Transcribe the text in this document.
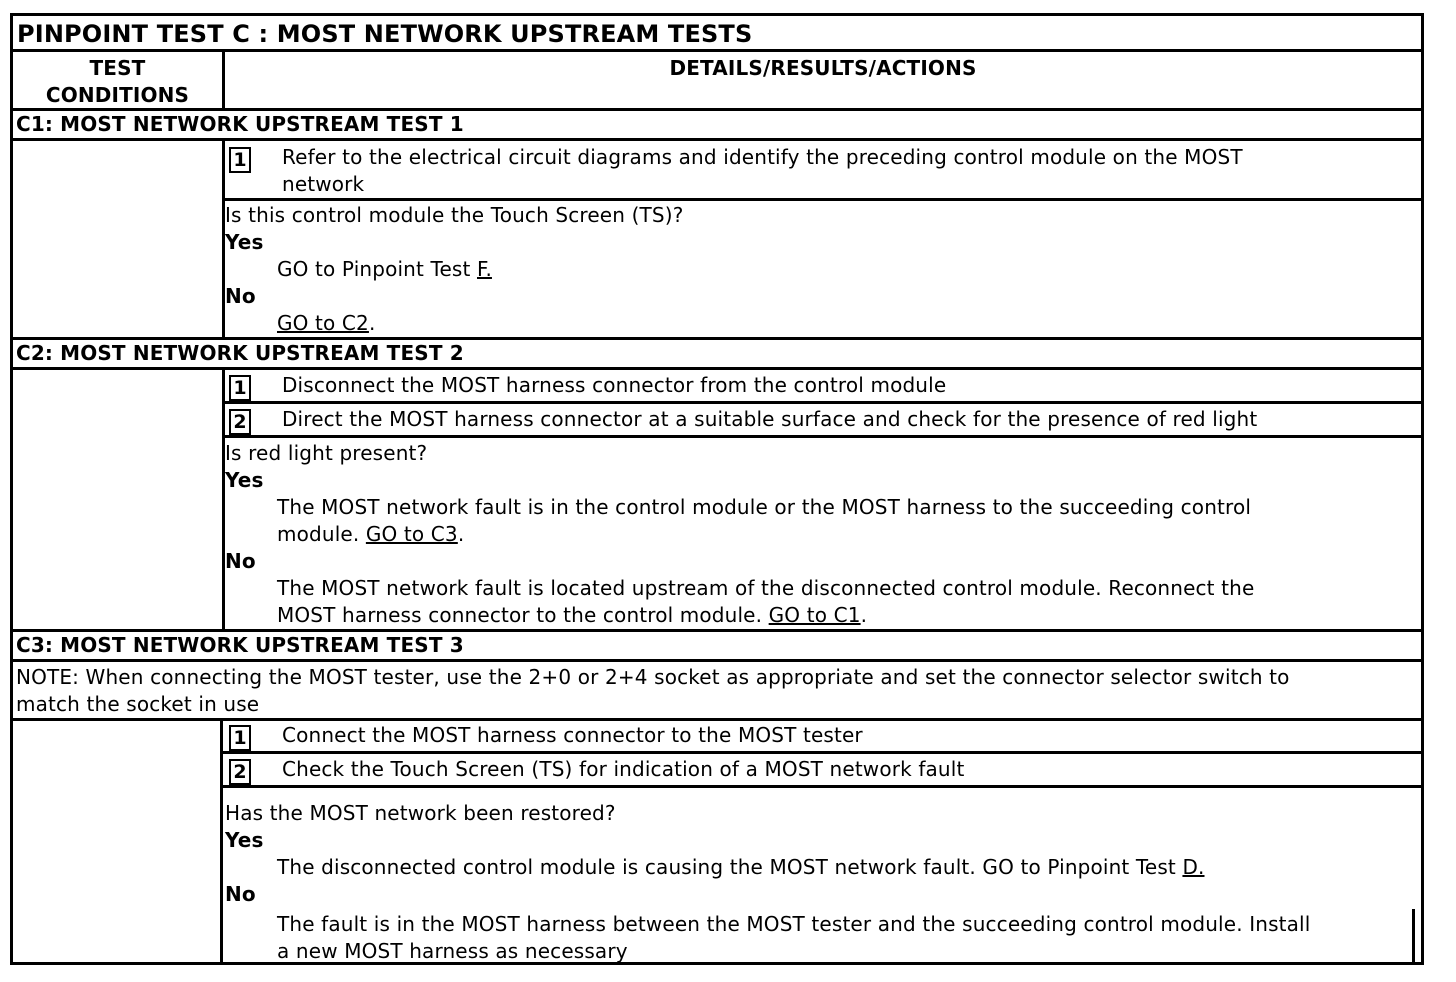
PINPOINT TEST C : MOST NETWORK UPSTREAM TESTS
TEST
CONDITIONS
DETAILS/RESULTS/ACTIONS
C1: MOST NETWORK UPSTREAM TEST 1
1 Refer to the electrical circuit diagrams and identify the preceding control module on the MOST
network
Is this control module the Touch Screen (TS)?
Yes
GO to Pinpoint Test F.
No
GO to C2.
C2: MOST NETWORK UPSTREAM TEST 2
1 Disconnect the MOST harness connector from the control module
2 Direct the MOST harness connector at a suitable surface and check for the presence of red light
Is red light present?
Yes
The MOST network fault is in the control module or the MOST harness to the succeeding control
module. GO to C3.
No
The MOST network fault is located upstream of the disconnected control module. Reconnect the
MOST harness connector to the control module. GO to C1.
C3: MOST NETWORK UPSTREAM TEST 3
NOTE: When connecting the MOST tester, use the 2+0 or 2+4 socket as appropriate and set the connector selector switch to
match the socket in use
1 Connect the MOST harness connector to the MOST tester
2 Check the Touch Screen (TS) for indication of a MOST network fault
Has the MOST network been restored?
Yes
The disconnected control module is causing the MOST network fault. GO to Pinpoint Test D.
No
The fault is in the MOST harness between the MOST tester and the succeeding control module. Install
a new MOST harness as necessary
